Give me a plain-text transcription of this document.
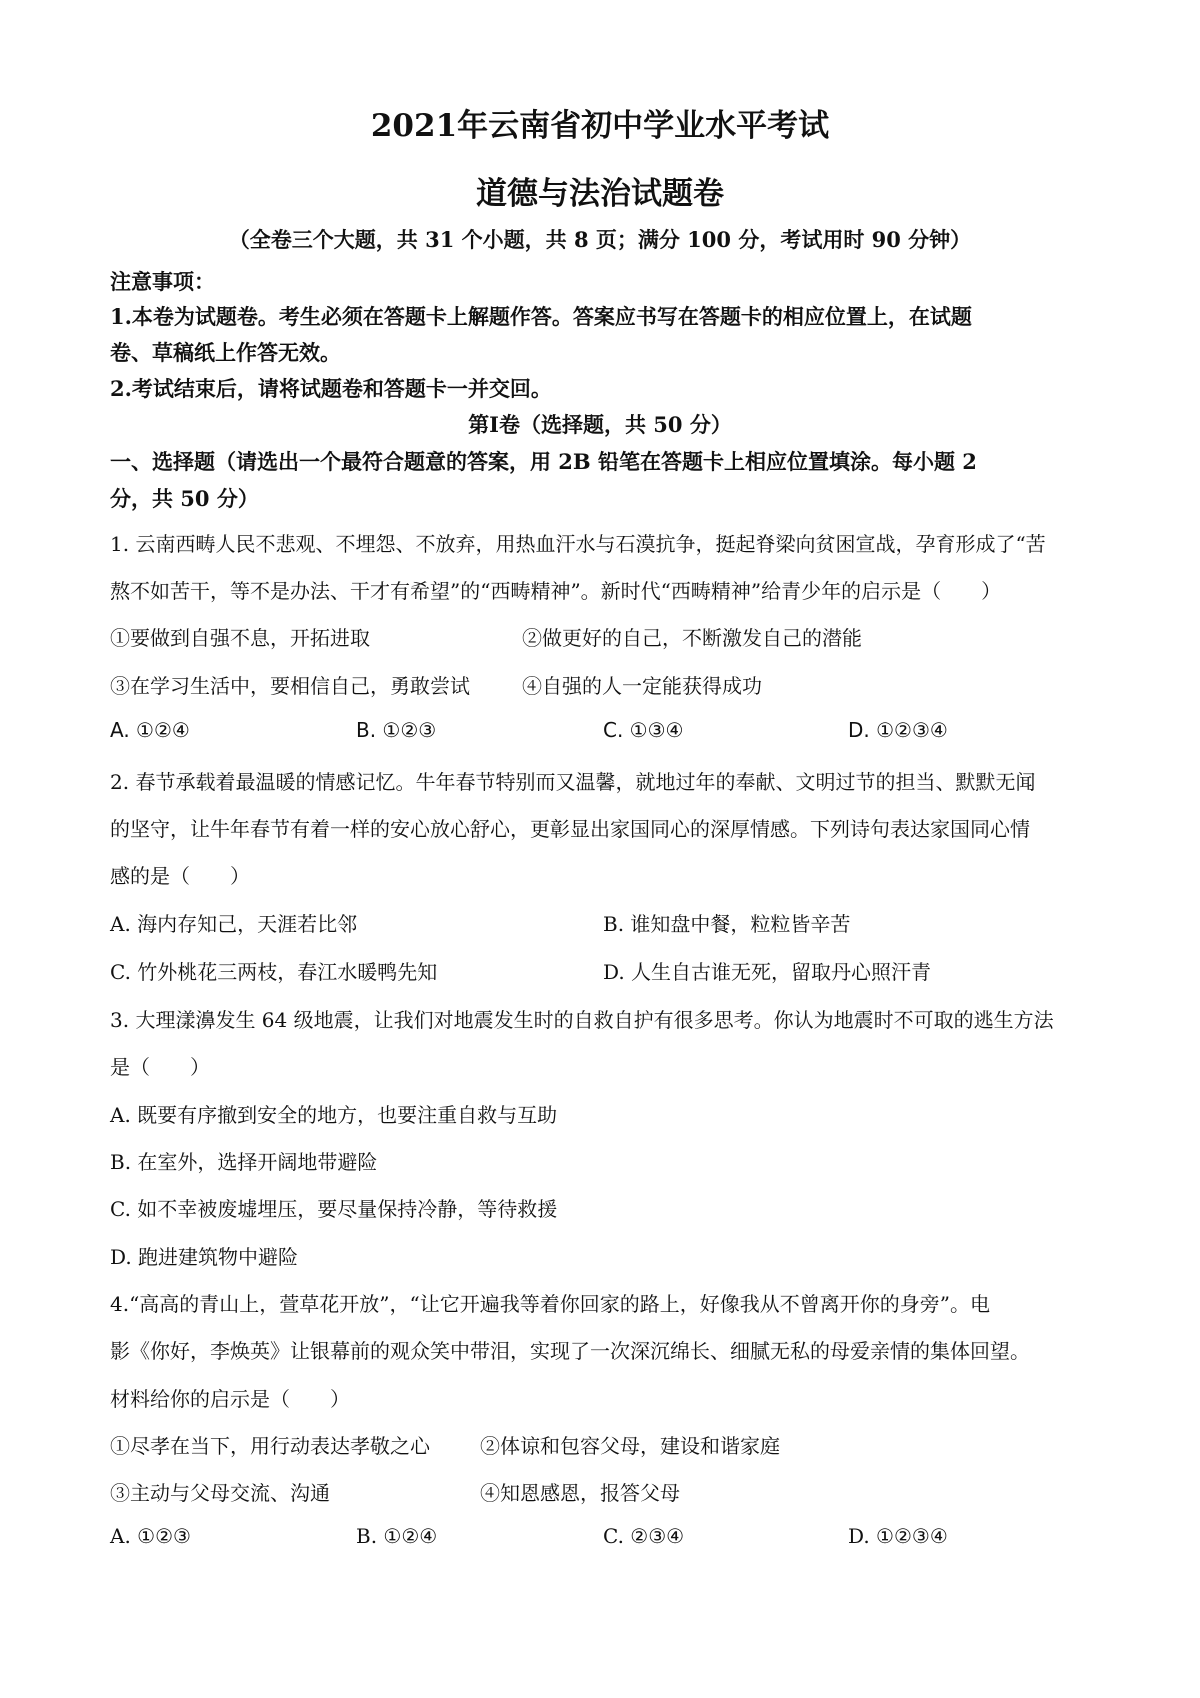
2021年云南省初中学业水平考试
道德与法治试题卷
（全卷三个大题，共 31 个小题，共 8 页；满分 100 分，考试用时 90 分钟）
注意事项：
1.本卷为试题卷。考生必须在答题卡上解题作答。答案应书写在答题卡的相应位置上，在试题
卷、草稿纸上作答无效。
2.考试结束后，请将试题卷和答题卡一并交回。
第Ⅰ卷（选择题，共 50 分）
一、选择题（请选出一个最符合题意的答案，用 2B 铅笔在答题卡上相应位置填涂。每小题 2
分，共 50 分）
1. 云南西畴人民不悲观、不埋怨、不放弃，用热血汗水与石漠抗争，挺起脊梁向贫困宣战，孕育形成了“苦
熬不如苦干，等不是办法、干才有希望”的“西畴精神”。新时代“西畴精神”给青少年的启示是（　　）
①要做到自强不息，开拓进取	②做更好的自己，不断激发自己的潜能
③在学习生活中，要相信自己，勇敢尝试	④自强的人一定能获得成功
A. ①②④	B. ①②③	C. ①③④	D. ①②③④
2. 春节承载着最温暖的情感记忆。牛年春节特别而又温馨，就地过年的奉献、文明过节的担当、默默无闻
的坚守，让牛年春节有着一样的安心放心舒心，更彰显出家国同心的深厚情感。下列诗句表达家国同心情
感的是（　　）
A. 海内存知己，天涯若比邻	B. 谁知盘中餐，粒粒皆辛苦
C. 竹外桃花三两枝，春江水暖鸭先知	D. 人生自古谁无死，留取丹心照汗青
3. 大理漾濞发生 64 级地震，让我们对地震发生时的自救自护有很多思考。你认为地震时不可取的逃生方法
是（　　）
A. 既要有序撤到安全的地方，也要注重自救与互助
B. 在室外，选择开阔地带避险
C. 如不幸被废墟埋压，要尽量保持冷静，等待救援
D. 跑进建筑物中避险
4.“高高的青山上，萱草花开放”，“让它开遍我等着你回家的路上，好像我从不曾离开你的身旁”。电
影《你好，李焕英》让银幕前的观众笑中带泪，实现了一次深沉绵长、细腻无私的母爱亲情的集体回望。
材料给你的启示是（　　）
①尽孝在当下，用行动表达孝敬之心	②体谅和包容父母，建设和谐家庭
③主动与父母交流、沟通	④知恩感恩，报答父母
A. ①②③	B. ①②④	C. ②③④	D. ①②③④
